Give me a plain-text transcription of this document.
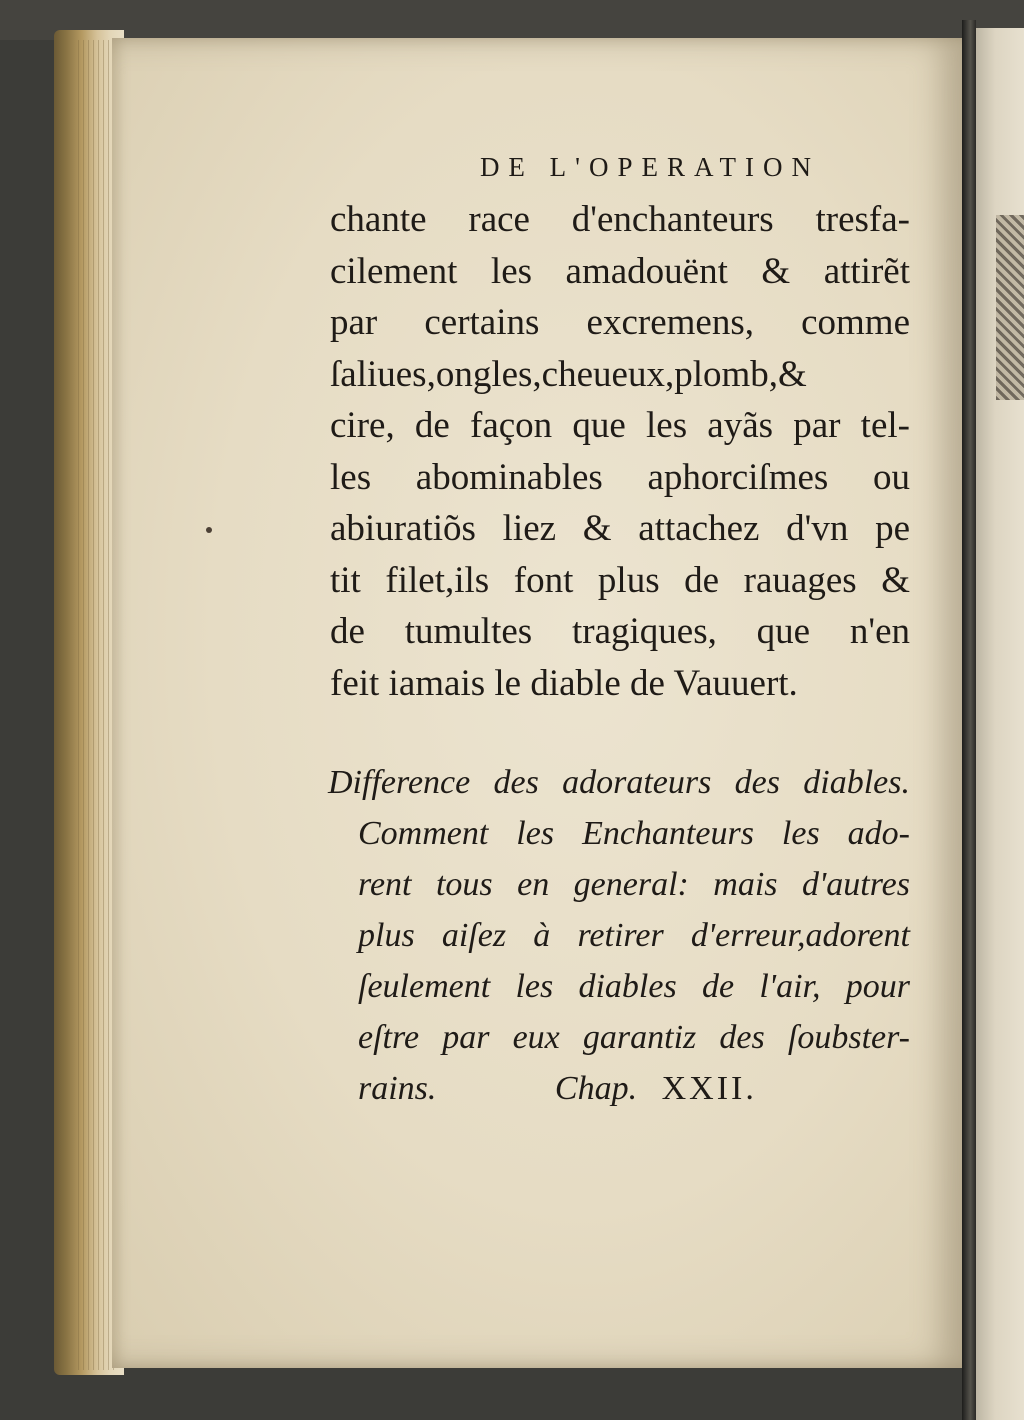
DE L'OPERATION
chante race d'enchanteurs tresfa-
cilement les amadouënt & attirẽt
par certains excremens, comme
ſaliues,ongles,cheueux,plomb,&
cire, de façon que les ayãs par tel-
les abominables aphorciſmes ou
abiuratiõs liez & attachez d'vn pe
tit filet,ils font plus de rauages &
de tumultes tragiques, que n'en
feit iamais le diable de Vauuert.
Difference des adorateurs des diables.
Comment les Enchanteurs les ado-
rent tous en general: mais d'autres
plus aiſez à retirer d'erreur,adorent
ſeulement les diables de l'air, pour
eſtre par eux garantiz des ſoubster-
rains.	Chap. XXII.
